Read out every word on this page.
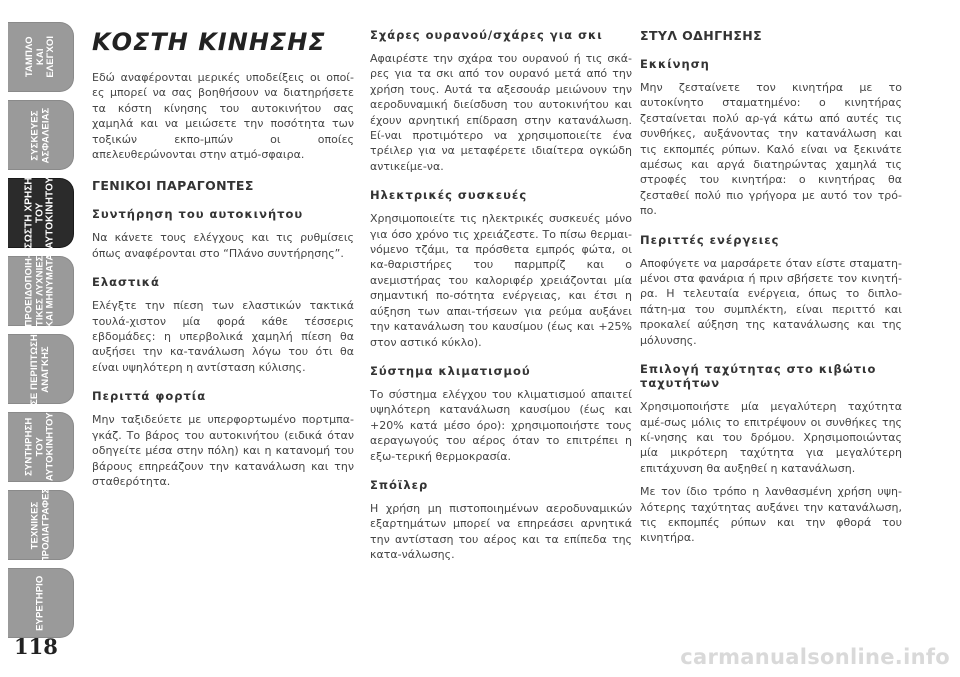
ΤΑΜΠΛΟ
ΚΑΙ
ΕΛΕΓΧΟΙ
ΣΥΣΚΕΥΕΣ
ΑΣΦΑΛΕΙΑΣ
ΣΩΣΤΗ ΧΡΗΣΗ
ΤΟΥ
ΑΥΤΟΚΙΝΗΤΟΥ
ΠΡΟΕΙΔΟΠΟΙΗ-
ΤΙΚΕΣ ΛΥΧΝΙΕΣ
ΚΑΙ ΜΗΝΥΜΑΤΑ
ΣΕ ΠΕΡΙΠΤΩΣΗ
ΑΝΑΓΚΗΣ
ΣΥΝΤΗΡΗΣΗ
ΤΟΥ
ΑΥΤΟΚΙΝΗΤΟΥ
ΤΕΧΝΙΚΕΣ
ΠΡΟΔΙΑΓΡΑΦΕΣ
ΕΥΡΕΤΗΡΙΟ
118
ΚΟΣΤΗ ΚΙΝΗΣΗΣ

Εδώ αναφέρονται μερικές υποδείξεις οι οποί-ες μπορεί να σας βοηθήσουν να διατηρήσετε τα κόστη κίνησης του αυτοκινήτου σας χαμηλά και να μειώσετε την ποσότητα των τοξικών εκπο-μπών οι οποίες απελευθερώνονται στην ατμό-σφαιρα.

ΓΕΝΙΚΟΙ ΠΑΡΑΓΟΝΤΕΣ
Συντήρηση του αυτοκινήτου

Να κάνετε τους ελέγχους και τις ρυθμίσεις όπως αναφέρονται στο “Πλάνο συντήρησης”.

Ελαστικά

Ελέγξτε την πίεση των ελαστικών τακτικά τουλά-χιστον μία φορά κάθε τέσσερις εβδομάδες: η υπερβολικά χαμηλή πίεση θα αυξήσει την κα-τανάλωση λόγω του ότι θα είναι υψηλότερη η αντίσταση κύλισης.

Περιττά φορτία

Μην ταξιδεύετε με υπερφορτωμένο πορτμπα-γκάζ. Το βάρος του αυτοκινήτου (ειδικά όταν οδηγείτε μέσα στην πόλη) και η κατανομή του βάρους επηρεάζουν την κατανάλωση και την σταθερότητα.

Σχάρες ουρανού/σχάρες για σκι

Αφαιρέστε την σχάρα του ουρανού ή τις σκά-ρες για τα σκι από τον ουρανό μετά από την χρήση τους. Αυτά τα αξεσουάρ μειώνουν την αεροδυναμική διείσδυση του αυτοκινήτου και έχουν αρνητική επίδραση στην κατανάλωση. Εί-ναι προτιμότερο να χρησιμοποιείτε ένα τρέιλερ για να μεταφέρετε ιδιαίτερα ογκώδη αντικείμε-να.

Ηλεκτρικές συσκευές

Χρησιμοποιείτε τις ηλεκτρικές συσκευές μόνο για όσο χρόνο τις χρειάζεστε. Το πίσω θερμαι-νόμενο τζάμι, τα πρόσθετα εμπρός φώτα, οι κα-θαριστήρες του παρμπρίζ και ο ανεμιστήρας του καλοριφέρ χρειάζονται μία σημαντική πο-σότητα ενέργειας, και έτσι η αύξηση των απαι-τήσεων για ρεύμα αυξάνει την κατανάλωση του καυσίμου (έως και +25% στον αστικό κύκλο).

Σύστημα κλιματισμού

Το σύστημα ελέγχου του κλιματισμού απαιτεί υψηλότερη κατανάλωση καυσίμου (έως και +20% κατά μέσο όρο): χρησιμοποιήστε τους αεραγωγούς του αέρος όταν το επιτρέπει η εξω-τερική θερμοκρασία.

Σπόϊλερ

Η χρήση μη πιστοποιημένων αεροδυναμικών εξαρτημάτων μπορεί να επηρεάσει αρνητικά την αντίσταση του αέρος και τα επίπεδα της κατα-νάλωσης.

ΣΤΥΛ ΟΔΗΓΗΣΗΣ
Εκκίνηση

Μην ζεσταίνετε τον κινητήρα με το αυτοκίνητο σταματημένο: ο κινητήρας ζεσταίνεται πολύ αρ-γά κάτω από αυτές τις συνθήκες, αυξάνοντας την κατανάλωση και τις εκπομπές ρύπων. Καλό είναι να ξεκινάτε αμέσως και αργά διατηρώντας χαμηλά τις στροφές του κινητήρα: ο κινητήρας θα ζεσταθεί πολύ πιο γρήγορα με αυτό τον τρό-πο.

Περιττές ενέργειες

Αποφύγετε να μαρσάρετε όταν είστε σταματη-μένοι στα φανάρια ή πριν σβήσετε τον κινητή-ρα. Η τελευταία ενέργεια, όπως το διπλο-πάτη-μα του συμπλέκτη, είναι περιττό και προκαλεί αύξηση της κατανάλωσης και της μόλυνσης.

Επιλογή ταχύτητας στο κιβώτιο ταχυτήτων

Χρησιμοποιήστε μία μεγαλύτερη ταχύτητα αμέ-σως μόλις το επιτρέψουν οι συνθήκες της κί-νησης και του δρόμου. Χρησιμοποιώντας μία μικρότερη ταχύτητα για μεγαλύτερη επιτάχυνση θα αυξηθεί η κατανάλωση.

Με τον ίδιο τρόπο η λανθασμένη χρήση υψη-λότερης ταχύτητας αυξάνει την κατανάλωση, τις εκπομπές ρύπων και την φθορά του κινητήρα.

carmanualsonline.info
